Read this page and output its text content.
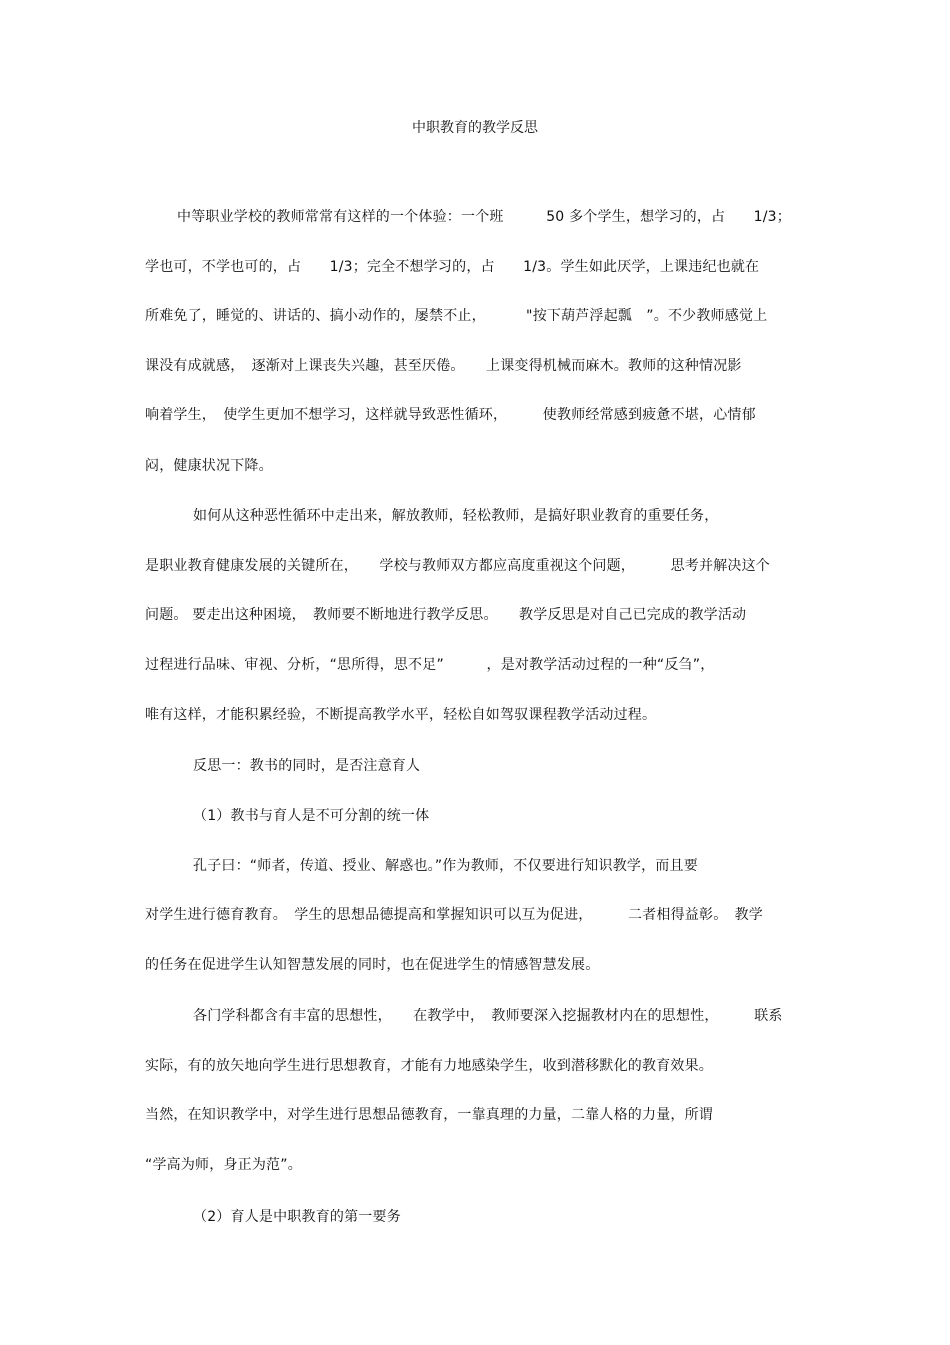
中职教育的教学反思
中等职业学校的教师常常有这样的一个体验：一个班　　　50 多个学生，想学习的，占　　1/3；
学也可，不学也可的，占　　1/3；完全不想学习的，占　　1/3。学生如此厌学，上课违纪也就在
所难免了，睡觉的、讲话的、搞小动作的，屡禁不止，　　　 "按下葫芦浮起瓢　”。不少教师感觉上
课没有成就感，　逐渐对上课丧失兴趣，甚至厌倦。　　上课变得机械而麻木。教师的这种情况影
响着学生，　使学生更加不想学习，这样就导致恶性循环，　　　使教师经常感到疲惫不堪，心情郁
闷，健康状况下降。
如何从这种恶性循环中走出来，解放教师，轻松教师，是搞好职业教育的重要任务，
是职业教育健康发展的关键所在，　　学校与教师双方都应高度重视这个问题，　　　思考并解决这个
问题。 要走出这种困境，　教师要不断地进行教学反思。　　教学反思是对自己已完成的教学活动
过程进行品味、审视、分析，“思所得，思不足”　　　，是对教学活动过程的一种“反刍”，
唯有这样，才能积累经验，不断提高教学水平，轻松自如驾驭课程教学活动过程。
反思一：教书的同时，是否注意育人
（1）教书与育人是不可分割的统一体
孔子曰：“师者，传道、授业、解惑也。”作为教师，不仅要进行知识教学，而且要
对学生进行德育教育。　学生的思想品德提高和掌握知识可以互为促进，　　　二者相得益彰。　教学
的任务在促进学生认知智慧发展的同时，也在促进学生的情感智慧发展。
各门学科都含有丰富的思想性，　　在教学中，　教师要深入挖掘教材内在的思想性，　　　联系
实际，有的放矢地向学生进行思想教育，才能有力地感染学生，收到潜移默化的教育效果。
当然，在知识教学中，对学生进行思想品德教育，一靠真理的力量，二靠人格的力量，所谓
“学高为师，身正为范”。
（2）育人是中职教育的第一要务
